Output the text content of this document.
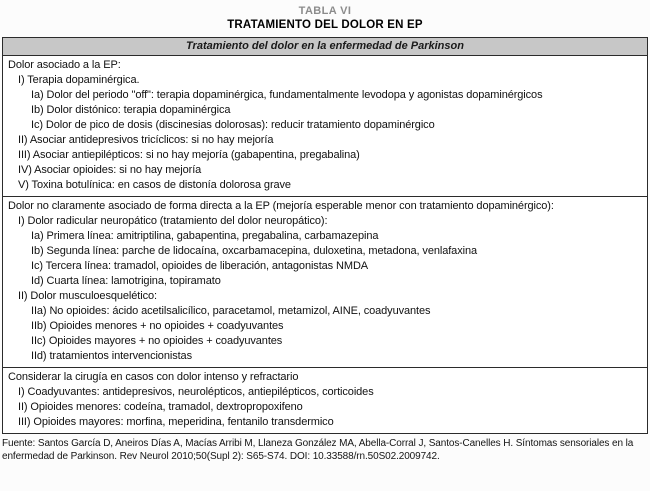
TABLA VI
TRATAMIENTO DEL DOLOR EN EP
Tratamiento del dolor en la enfermedad de Parkinson
Dolor asociado a la EP:
I) Terapia dopaminérgica.
Ia) Dolor del periodo "off": terapia dopaminérgica, fundamentalmente levodopa y agonistas dopaminérgicos
Ib) Dolor distónico: terapia dopaminérgica
Ic) Dolor de pico de dosis (discinesias dolorosas): reducir tratamiento dopaminérgico
II) Asociar antidepresivos tricíclicos: si no hay mejoría
III) Asociar antiepilépticos: si no hay mejoría (gabapentina, pregabalina)
IV) Asociar opioides: si no hay mejoría
V) Toxina botulínica: en casos de distonía dolorosa grave
Dolor no claramente asociado de forma directa a la EP (mejoría esperable menor con tratamiento dopaminérgico):
I) Dolor radicular neuropático (tratamiento del dolor neuropático):
Ia) Primera línea: amitriptilina, gabapentina, pregabalina, carbamazepina
Ib) Segunda línea: parche de lidocaína, oxcarbamacepina, duloxetina, metadona, venlafaxina
Ic) Tercera línea: tramadol, opioides de liberación, antagonistas NMDA
Id) Cuarta línea: lamotrigina, topiramato
II) Dolor musculoesquelético:
IIa) No opioides: ácido acetilsalicílico, paracetamol, metamizol, AINE, coadyuvantes
IIb) Opioides menores + no opioides + coadyuvantes
IIc) Opioides mayores + no opioides + coadyuvantes
IId) tratamientos intervencionistas
Considerar la cirugía en casos con dolor intenso y refractario
I) Coadyuvantes: antidepresivos, neurolépticos, antiepilépticos, corticoides
II) Opioides menores: codeína, tramadol, dextropropoxifeno
III) Opioides mayores: morfina, meperidina, fentanilo transdermico
Fuente: Santos García D, Aneiros Días A, Macías Arribi M, Llaneza González MA, Abella-Corral J, Santos-Canelles H. Síntomas sensoriales en la enfermedad de Parkinson. Rev Neurol 2010;50(Supl 2): S65-S74. DOI: 10.33588/rn.50S02.2009742.
